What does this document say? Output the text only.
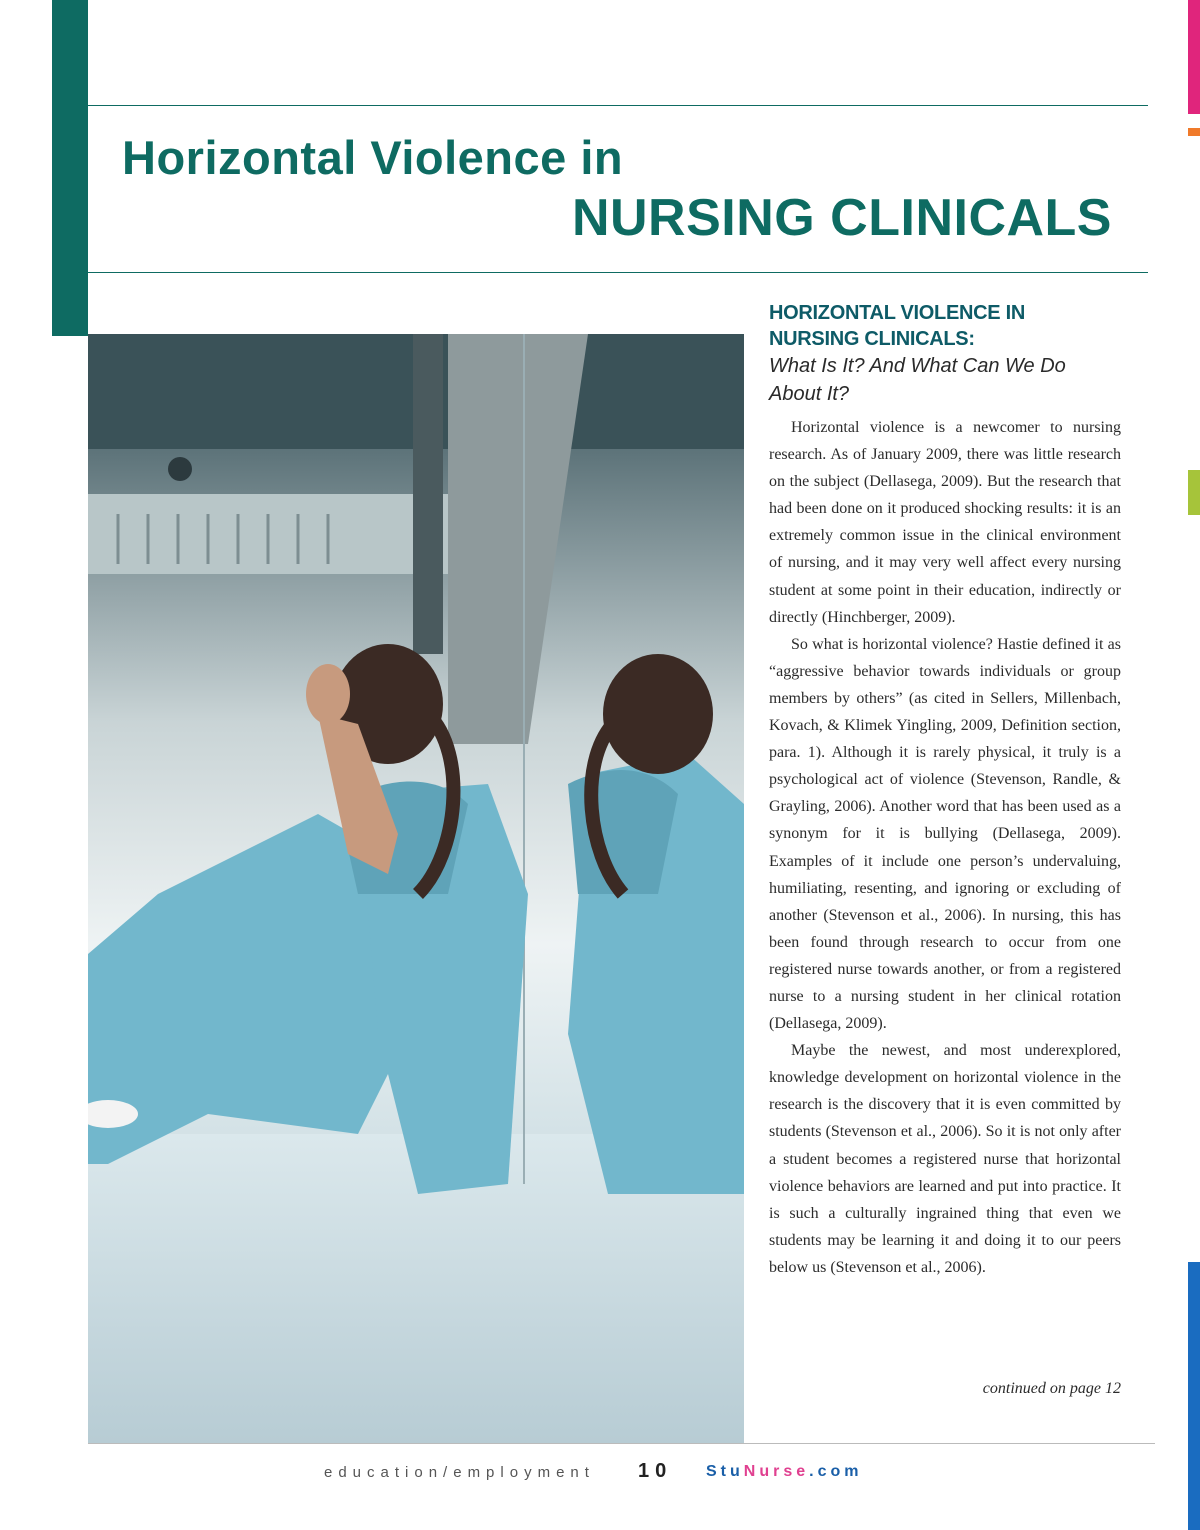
Horizontal Violence in
NURSING CLINICALS
HORIZONTAL VIOLENCE IN
NURSING CLINICALS:

What Is It? And What Can We Do About It?

Horizontal violence is a newcomer to nursing research. As of January 2009, there was little research on the subject (Dellasega, 2009). But the research that had been done on it produced shocking results: it is an extremely common issue in the clinical environment of nursing, and it may very well affect every nursing student at some point in their education, indirectly or directly (Hinchberger, 2009).

So what is horizontal violence? Hastie defined it as “aggressive behavior towards individuals or group members by others” (as cited in Sellers, Millenbach, Kovach, & Klimek Yingling, 2009, Definition section, para. 1). Although it is rarely physical, it truly is a psychological act of violence (Stevenson, Randle, & Grayling, 2006). Another word that has been used as a synonym for it is bullying (Dellasega, 2009). Examples of it include one person’s undervaluing, humiliating, resenting, and ignoring or excluding of another (Stevenson et al., 2006). In nursing, this has been found through research to occur from one registered nurse towards another, or from a registered nurse to a nursing student in her clinical rotation (Dellasega, 2009).

Maybe the newest, and most underexplored, knowledge development on horizontal violence in the research is the discovery that it is even committed by students (Stevenson et al., 2006). So it is not only after a student becomes a registered nurse that horizontal violence behaviors are learned and put into practice. It is such a culturally ingrained thing that even we students may be learning it and doing it to our peers below us (Stevenson et al., 2006).

continued on page 12
education/employment 10 StuNurse.com
